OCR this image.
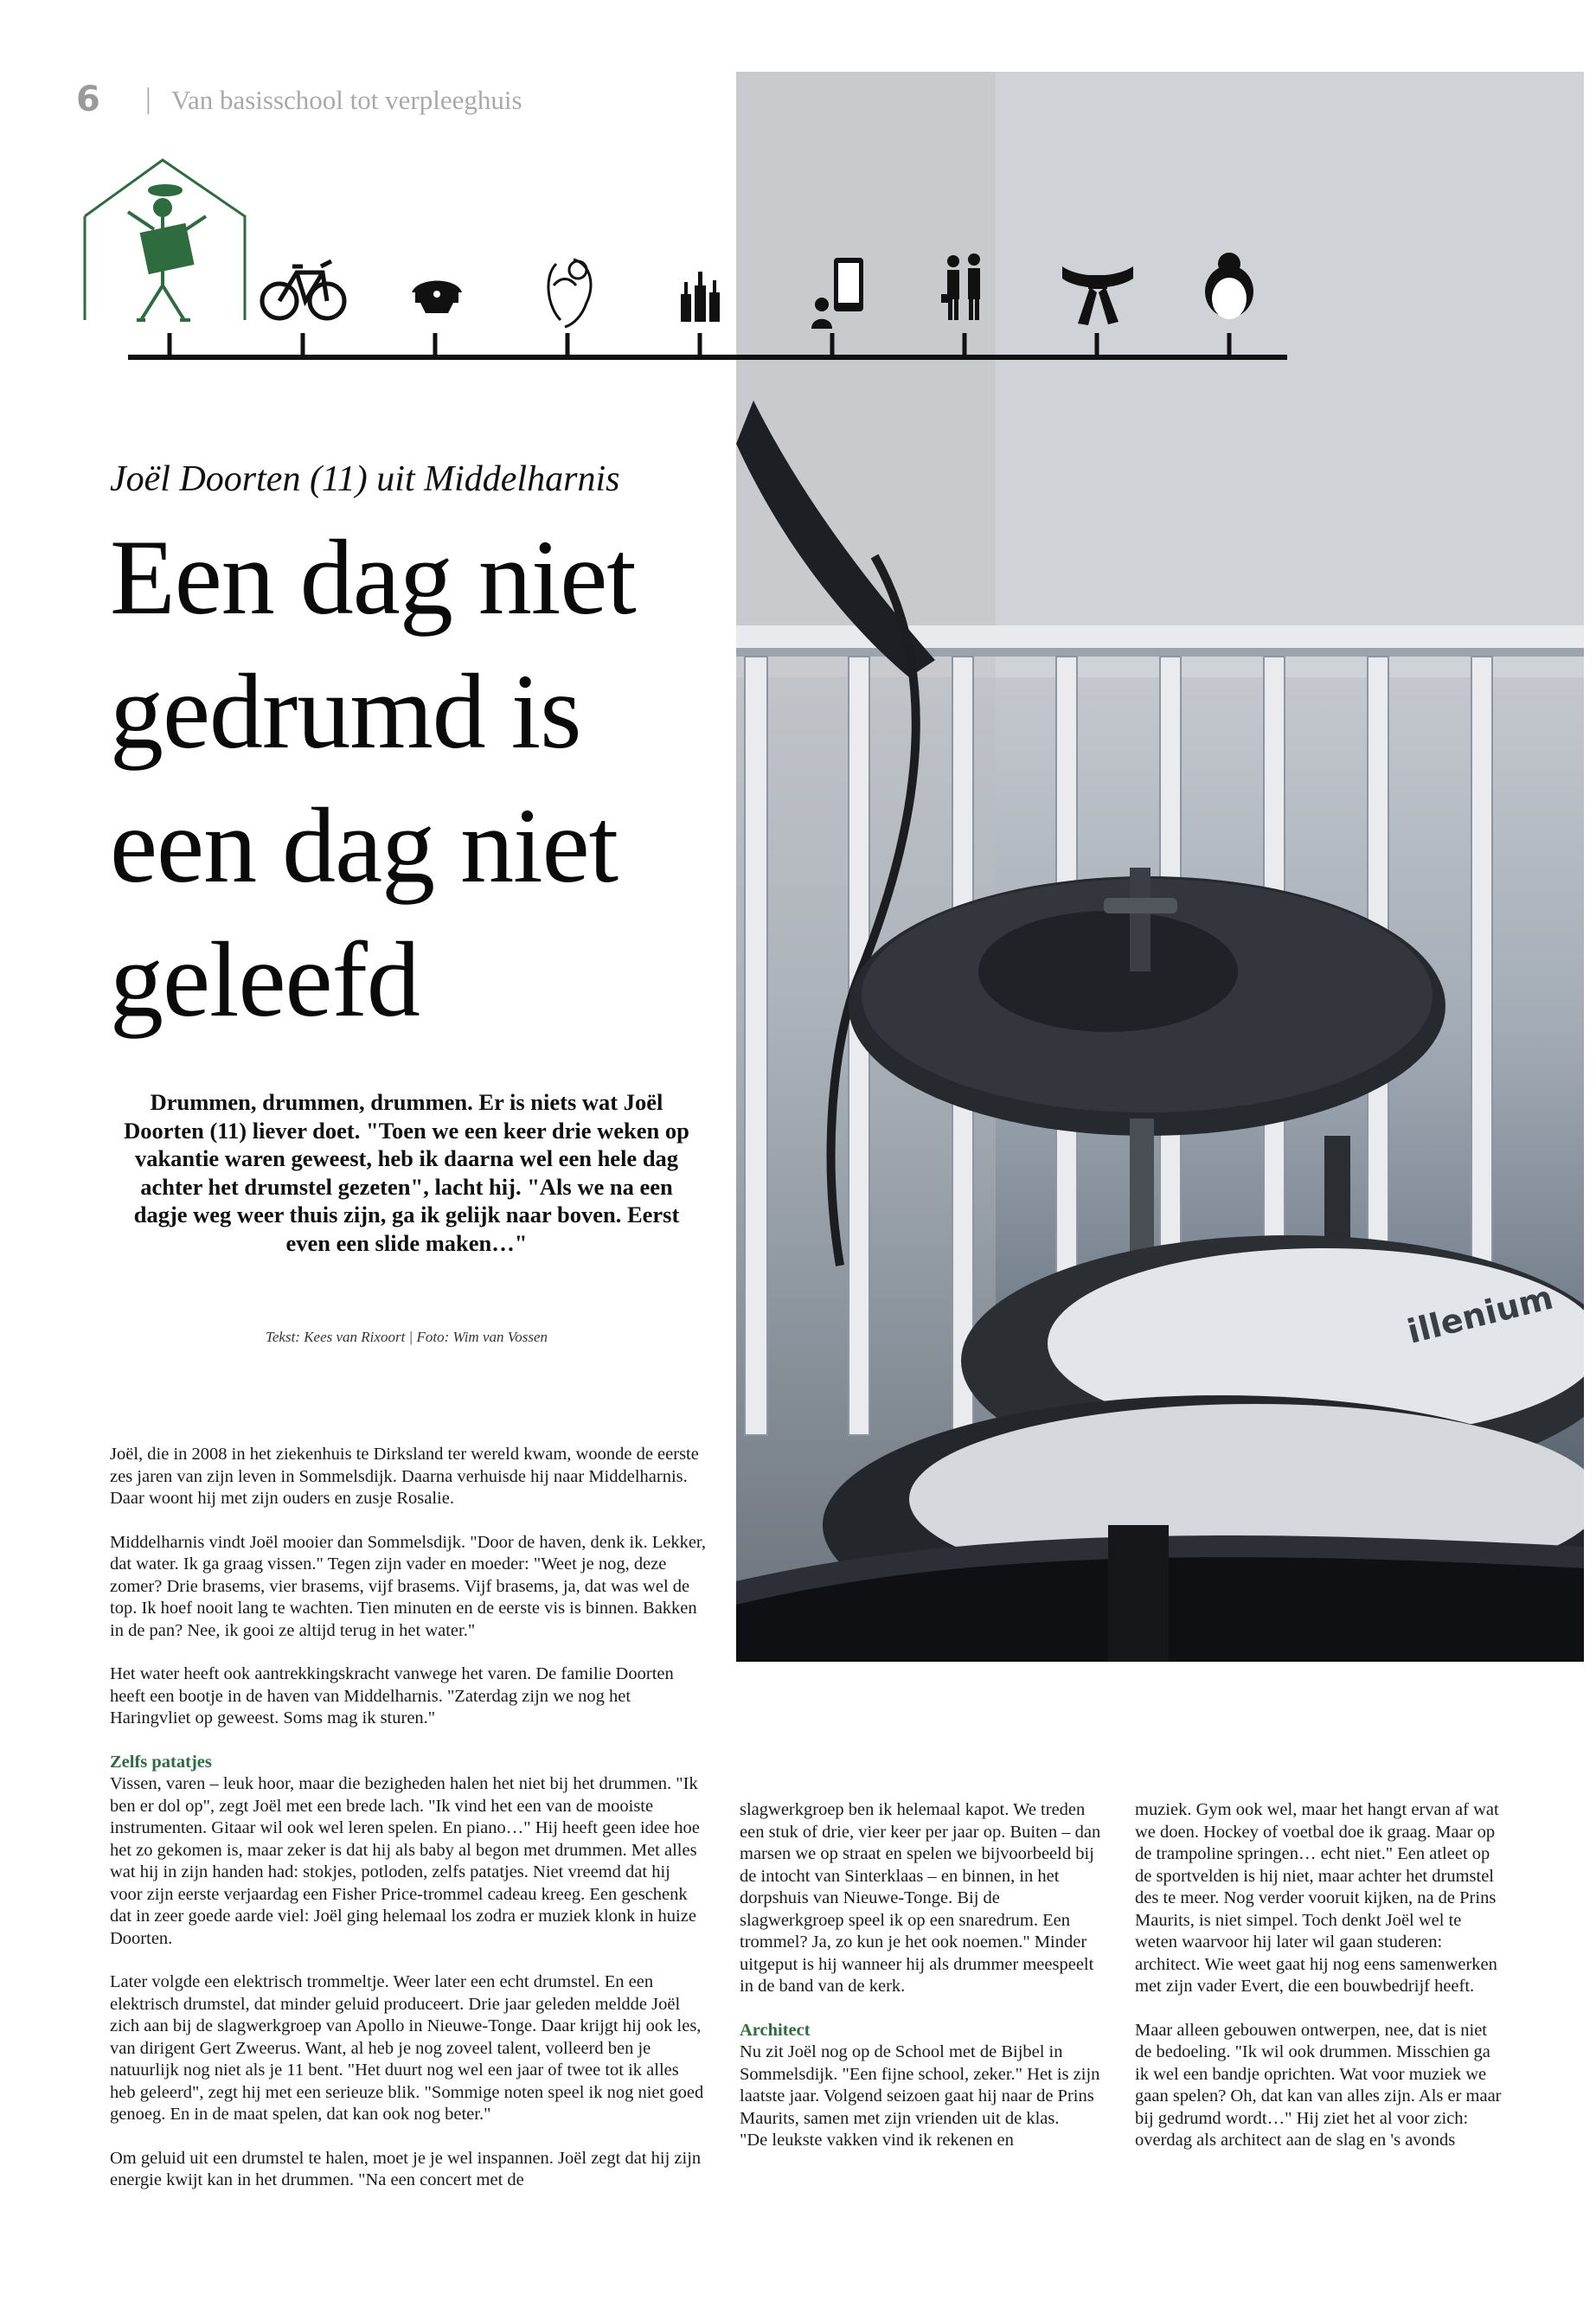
6 | Van basisschool tot verpleeghuis
illenium
Joël Doorten (11) uit Middelharnis
Een dag niet gedrumd is een dag niet geleefd

Drummen, drummen, drummen. Er is niets wat Joël Doorten (11) liever doet. "Toen we een keer drie weken op vakantie waren geweest, heb ik daarna wel een hele dag achter het drumstel gezeten", lacht hij. "Als we na een dagje weg weer thuis zijn, ga ik gelijk naar boven. Eerst even een slide maken…"

Tekst: Kees van Rixoort | Foto: Wim van Vossen

Joël, die in 2008 in het ziekenhuis te Dirksland ter wereld kwam, woonde de eerste zes jaren van zijn leven in Sommelsdijk. Daarna verhuisde hij naar Middelharnis. Daar woont hij met zijn ouders en zusje Rosalie.

Middelharnis vindt Joël mooier dan Sommelsdijk. "Door de haven, denk ik. Lekker, dat water. Ik ga graag vissen." Tegen zijn vader en moeder: "Weet je nog, deze zomer? Drie brasems, vier brasems, vijf brasems. Vijf brasems, ja, dat was wel de top. Ik hoef nooit lang te wachten. Tien minuten en de eerste vis is binnen. Bakken in de pan? Nee, ik gooi ze altijd terug in het water."

Het water heeft ook aantrekkingskracht vanwege het varen. De familie Doorten heeft een bootje in de haven van Middelharnis. "Zaterdag zijn we nog het Haringvliet op geweest. Soms mag ik sturen."

Zelfs patatjes

Vissen, varen – leuk hoor, maar die bezigheden halen het niet bij het drummen. "Ik ben er dol op", zegt Joël met een brede lach. "Ik vind het een van de mooiste instrumenten. Gitaar wil ook wel leren spelen. En piano…" Hij heeft geen idee hoe het zo gekomen is, maar zeker is dat hij als baby al begon met drummen. Met alles wat hij in zijn handen had: stokjes, potloden, zelfs patatjes. Niet vreemd dat hij voor zijn eerste verjaardag een Fisher Price-trommel cadeau kreeg. Een geschenk dat in zeer goede aarde viel: Joël ging helemaal los zodra er muziek klonk in huize Doorten.

Later volgde een elektrisch trommeltje. Weer later een echt drumstel. En een elektrisch drumstel, dat minder geluid produceert. Drie jaar geleden meldde Joël zich aan bij de slagwerkgroep van Apollo in Nieuwe-Tonge. Daar krijgt hij ook les, van dirigent Gert Zweerus. Want, al heb je nog zoveel talent, volleerd ben je natuurlijk nog niet als je 11 bent. "Het duurt nog wel een jaar of twee tot ik alles heb geleerd", zegt hij met een serieuze blik. "Sommige noten speel ik nog niet goed genoeg. En in de maat spelen, dat kan ook nog beter."

Om geluid uit een drumstel te halen, moet je je wel inspannen. Joël zegt dat hij zijn energie kwijt kan in het drummen. "Na een concert met de

slagwerkgroep ben ik helemaal kapot. We treden een stuk of drie, vier keer per jaar op. Buiten – dan marsen we op straat en spelen we bijvoorbeeld bij de intocht van Sinterklaas – en binnen, in het dorpshuis van Nieuwe-Tonge. Bij de slagwerkgroep speel ik op een snaredrum. Een trommel? Ja, zo kun je het ook noemen." Minder uitgeput is hij wanneer hij als drummer meespeelt in de band van de kerk.

Architect

Nu zit Joël nog op de School met de Bijbel in Sommelsdijk. "Een fijne school, zeker." Het is zijn laatste jaar. Volgend seizoen gaat hij naar de Prins Maurits, samen met zijn vrienden uit de klas.

"De leukste vakken vind ik rekenen en

muziek. Gym ook wel, maar het hangt ervan af wat we doen. Hockey of voetbal doe ik graag. Maar op de trampoline springen… echt niet." Een atleet op de sportvelden is hij niet, maar achter het drumstel des te meer. Nog verder vooruit kijken, na de Prins Maurits, is niet simpel. Toch denkt Joël wel te weten waarvoor hij later wil gaan studeren: architect. Wie weet gaat hij nog eens samenwerken met zijn vader Evert, die een bouwbedrijf heeft.

Maar alleen gebouwen ontwerpen, nee, dat is niet de bedoeling. "Ik wil ook drummen. Misschien ga ik wel een bandje oprichten. Wat voor muziek we gaan spelen? Oh, dat kan van alles zijn. Als er maar bij gedrumd wordt…" Hij ziet het al voor zich: overdag als architect aan de slag en 's avonds
